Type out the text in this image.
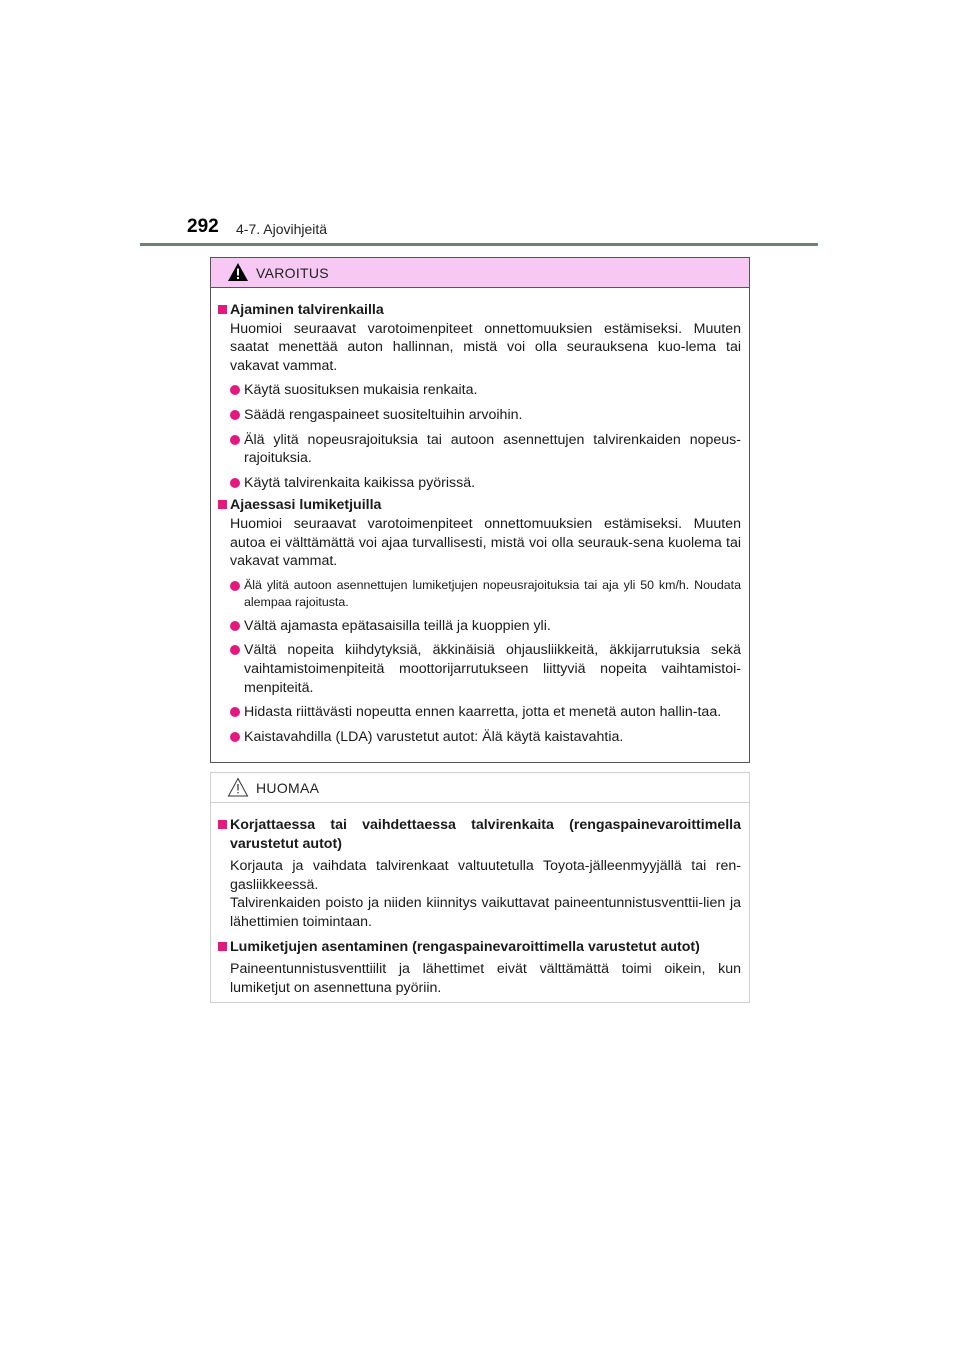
292 4-7. Ajovihjeitä
VAROITUS
Ajaminen talvirenkailla
Huomioi seuraavat varotoimenpiteet onnettomuuksien estämiseksi. Muuten saatat menettää auton hallinnan, mistä voi olla seurauksena kuo-lema tai vakavat vammat.
Käytä suosituksen mukaisia renkaita.
Säädä rengaspaineet suositeltuihin arvoihin.
Älä ylitä nopeusrajoituksia tai autoon asennettujen talvirenkaiden nopeus-rajoituksia.
Käytä talvirenkaita kaikissa pyörissä.
Ajaessasi lumiketjuilla
Huomioi seuraavat varotoimenpiteet onnettomuuksien estämiseksi. Muuten autoa ei välttämättä voi ajaa turvallisesti, mistä voi olla seurauk-sena kuolema tai vakavat vammat.
Älä ylitä autoon asennettujen lumiketjujen nopeusrajoituksia tai aja yli 50 km/h. Noudata alempaa rajoitusta.
Vältä ajamasta epätasaisilla teillä ja kuoppien yli.
Vältä nopeita kiihdytyksiä, äkkinäisiä ohjausliikkeitä, äkkijarrutuksia sekä vaihtamistoimenpiteitä moottorijarrutukseen liittyviä nopeita vaihtamistoi-menpiteitä.
Hidasta riittävästi nopeutta ennen kaarretta, jotta et menetä auton hallin-taa.
Kaistavahdilla (LDA) varustetut autot: Älä käytä kaistavahtia.
HUOMAA
Korjattaessa tai vaihdettaessa talvirenkaita (rengaspainevaroittimella varustetut autot)
Korjauta ja vaihdata talvirenkaat valtuutetulla Toyota-jälleenmyyjällä tai ren-gasliikkeessä.
Talvirenkaiden poisto ja niiden kiinnitys vaikuttavat paineentunnistusventtii-lien ja lähettimien toimintaan.
Lumiketjujen asentaminen (rengaspainevaroittimella varustetut autot)
Paineentunnistusventtiilit ja lähettimet eivät välttämättä toimi oikein, kun lumiketjut on asennettuna pyöriin.
